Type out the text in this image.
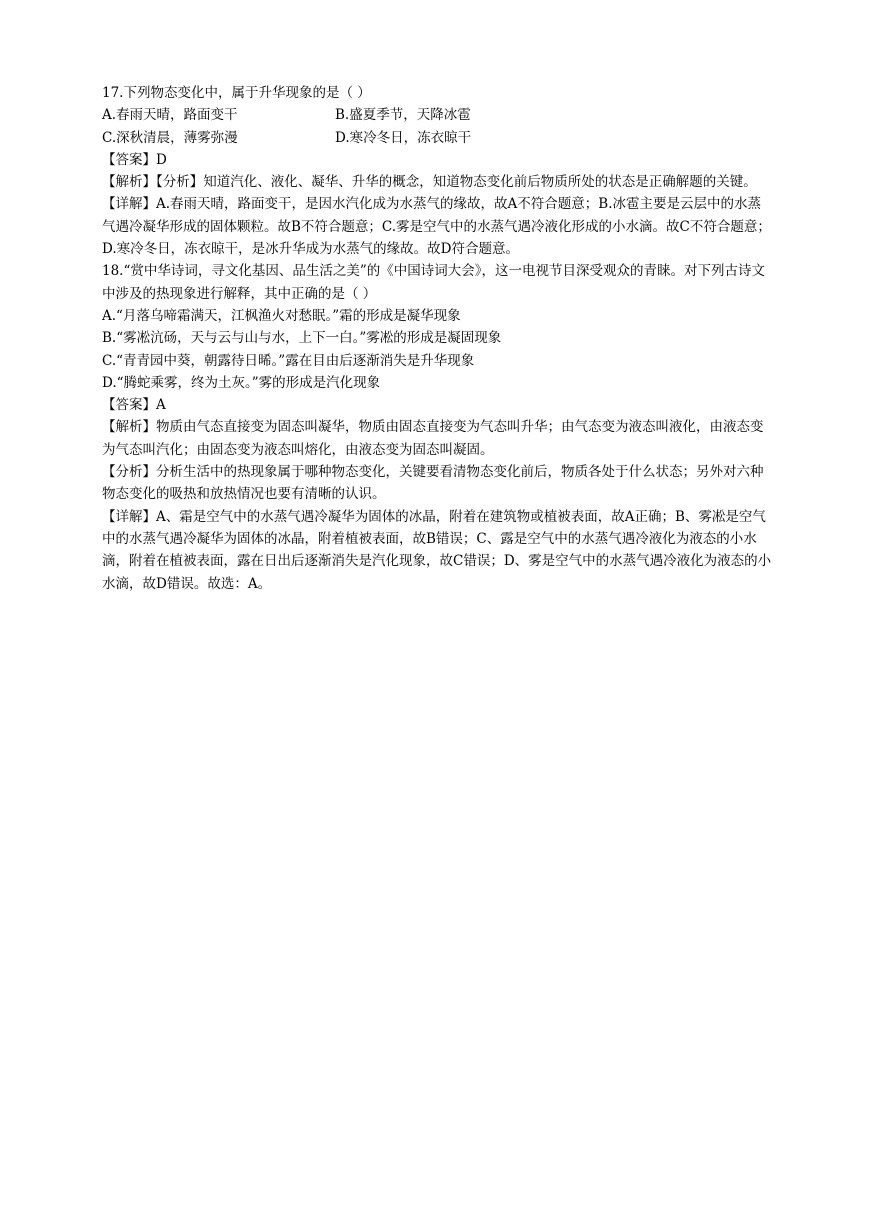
17.下列物态变化中，属于升华现象的是（ ）

A.春雨天晴，路面变干	B.盛夏季节，天降冰雹
C.深秋清晨，薄雾弥漫	D.寒冷冬日，冻衣晾干

【答案】D

【解析】【分析】知道汽化、液化、凝华、升华的概念，知道物态变化前后物质所处的状态是正确解题的关键。

【详解】A.春雨天晴，路面变干，是因水汽化成为水蒸气的缘故，故A不符合题意；B.冰雹主要是云层中的水蒸气遇冷凝华形成的固体颗粒。故B不符合题意；C.雾是空气中的水蒸气遇冷液化形成的小水滴。故C不符合题意；D.寒冷冬日，冻衣晾干，是冰升华成为水蒸气的缘故。故D符合题意。

18.“赏中华诗词，寻文化基因、品生活之美”的《中国诗词大会》，这一电视节目深受观众的青睐。对下列古诗文中涉及的热现象进行解释，其中正确的是（ ）

A.“月落乌啼霜满天，江枫渔火对愁眠。”霜的形成是凝华现象

B.“雾凇沆砀，天与云与山与水，上下一白。”雾凇的形成是凝固现象

C.“青青园中葵，朝露待日晞。”露在目由后逐渐消失是升华现象

D.“腾蛇乘雾，终为土灰。”雾的形成是汽化现象

【答案】A

【解析】物质由气态直接变为固态叫凝华，物质由固态直接变为气态叫升华；由气态变为液态叫液化，由液态变为气态叫汽化；由固态变为液态叫熔化，由液态变为固态叫凝固。

【分析】分析生活中的热现象属于哪种物态变化，关键要看清物态变化前后，物质各处于什么状态；另外对六种物态变化的吸热和放热情况也要有清晰的认识。

【详解】A、霜是空气中的水蒸气遇冷凝华为固体的冰晶，附着在建筑物或植被表面，故A正确；B、雾凇是空气中的水蒸气遇冷凝华为固体的冰晶，附着植被表面，故B错误；C、露是空气中的水蒸气遇冷液化为液态的小水滴，附着在植被表面，露在日出后逐渐消失是汽化现象，故C错误；D、雾是空气中的水蒸气遇冷液化为液态的小水滴，故D错误。故选：A。
